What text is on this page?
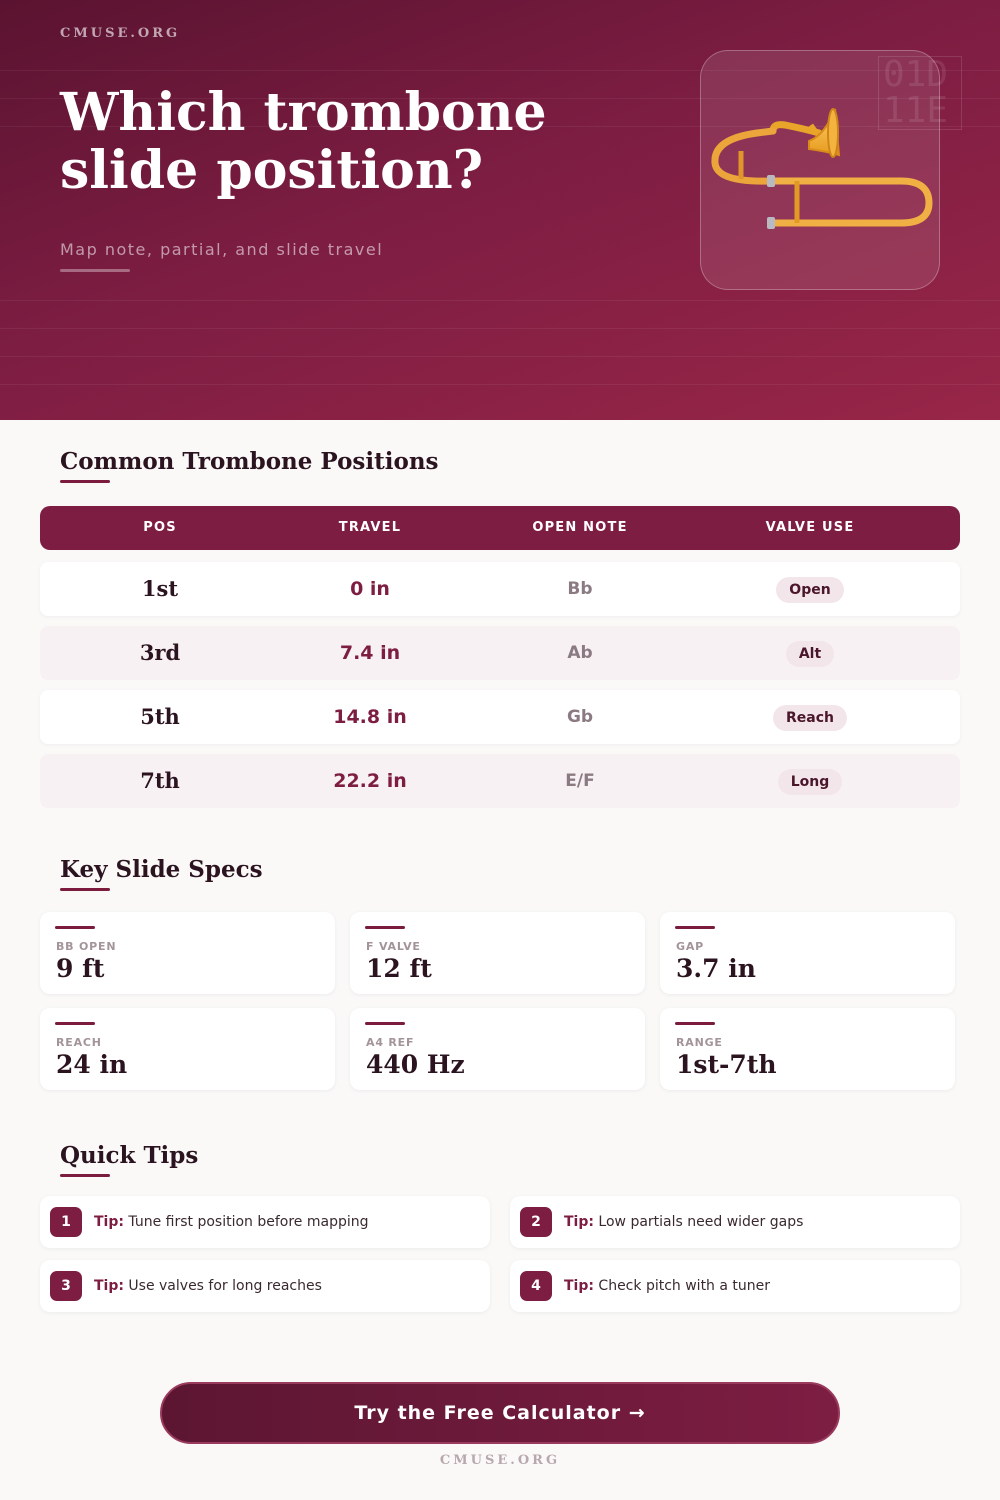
CMUSE.ORG
Which trombone slide position?
Map note, partial, and slide travel
01D
11E
Common Trombone Positions
POS	TRAVEL	OPEN NOTE	VALVE USE
1st	0 in	Bb	Open
3rd	7.4 in	Ab	Alt
5th	14.8 in	Gb	Reach
7th	22.2 in	E/F	Long
Key Slide Specs
BB OPEN
9 ft
F VALVE
12 ft
GAP
3.7 in
REACH
24 in
A4 REF
440 Hz
RANGE
1st-7th
Quick Tips
1	Tip: Tune first position before mapping	2	Tip: Low partials need wider gaps
3	Tip: Use valves for long reaches	4	Tip: Check pitch with a tuner
Try the Free Calculator →
CMUSE.ORG
